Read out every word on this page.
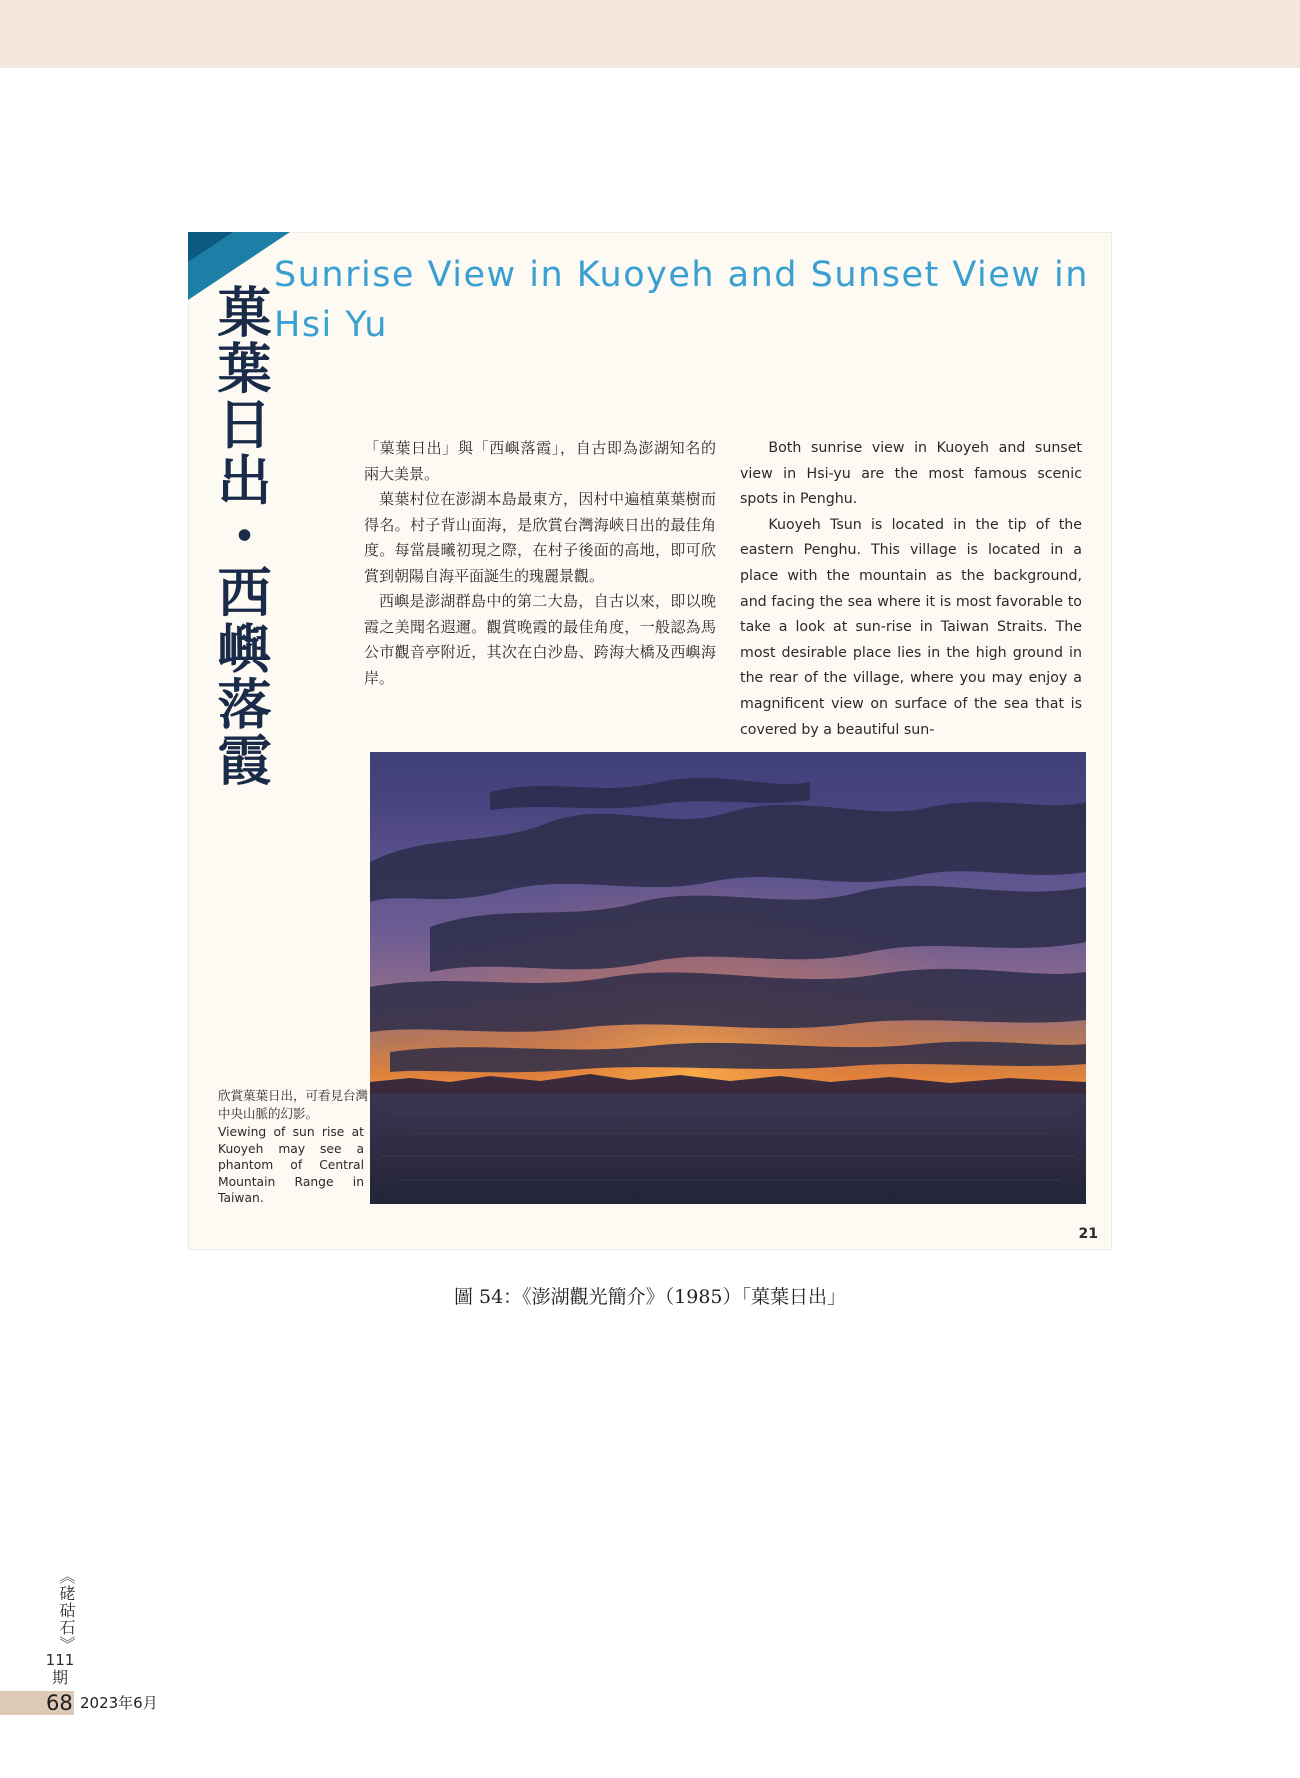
Sunrise View in Kuoyeh and Sunset View in Hsi Yu
菓葉日出・西嶼落霞	「菓葉日出」與「西嶼落霞」，自古即為澎湖知名的兩大美景。

菓葉村位在澎湖本島最東方，因村中遍植菓葉樹而得名。村子背山面海，是欣賞台灣海峽日出的最佳角度。每當晨曦初現之際，在村子後面的高地，即可欣賞到朝陽自海平面誕生的瑰麗景觀。

西嶼是澎湖群島中的第二大島，自古以來，即以晚霞之美聞名遐邇。觀賞晚霞的最佳角度，一般認為馬公市觀音亭附近，其次在白沙島、跨海大橋及西嶼海岸。

Both sunrise view in Kuoyeh and sunset view in Hsi-yu are the most famous scenic spots in Penghu.

Kuoyeh Tsun is located in the tip of the eastern Penghu. This village is located in a place with the mountain as the background, and facing the sea where it is most favorable to take a look at sun-rise in Taiwan Straits. The most desirable place lies in the high ground in the rear of the village, where you may enjoy a magnificent view on surface of the sea that is covered by a beautiful sun-

欣賞菓葉日出，可看見台灣中央山脈的幻影。

Viewing of sun rise at Kuoyeh may see a phantom of Central Mountain Range in Taiwan.

21

圖 54：《澎湖觀光簡介》（1985）「菓葉日出」

《硓𥑮石》
111
期
68 2023年6月
